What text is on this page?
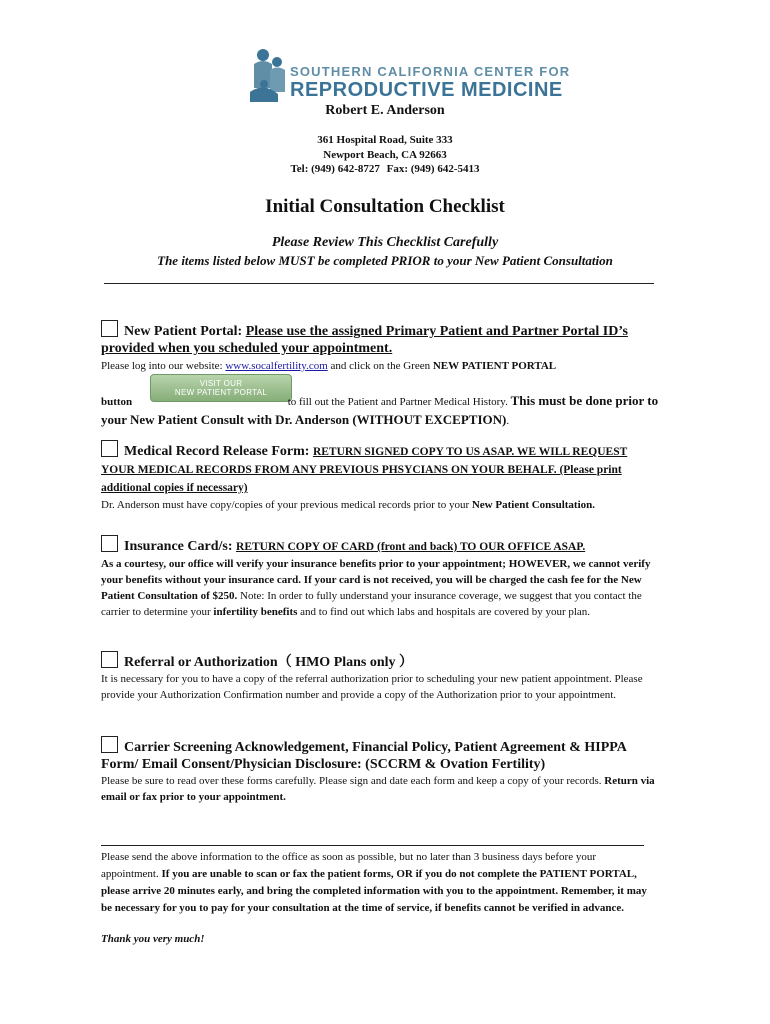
SOUTHERN CALIFORNIA CENTER FOR
REPRODUCTIVE MEDICINE
Robert E. Anderson
361 Hospital Road, Suite 333
Newport Beach, CA 92663
Tel: (949) 642-8727 Fax: (949) 642-5413
Initial Consultation Checklist
Please Review This Checklist Carefully
The items listed below MUST be completed PRIOR to your New Patient Consultation
New Patient Portal: Please use the assigned Primary Patient and Partner Portal ID’s provided when you scheduled your appointment.
Please log into our website: www.socalfertility.com and click on the Green NEW PATIENT PORTAL
VISIT OUR
NEW PATIENT PORTAL
button	to fill out the Patient and Partner Medical History. This must be done prior to your New Patient Consult with Dr. Anderson (WITHOUT EXCEPTION).
Medical Record Release Form: RETURN SIGNED COPY TO US ASAP. WE WILL REQUEST YOUR MEDICAL RECORDS FROM ANY PREVIOUS PHSYCIANS ON YOUR BEHALF. (Please print additional copies if necessary)
Dr. Anderson must have copy/copies of your previous medical records prior to your New Patient Consultation.
Insurance Card/s: RETURN COPY OF CARD (front and back) TO OUR OFFICE ASAP.
As a courtesy, our office will verify your insurance benefits prior to your appointment; HOWEVER, we cannot verify your benefits without your insurance card. If your card is not received, you will be charged the cash fee for the New Patient Consultation of $250. Note: In order to fully understand your insurance coverage, we suggest that you contact the carrier to determine your infertility benefits and to find out which labs and hospitals are covered by your plan.
Referral or Authorization（ HMO Plans only ）
It is necessary for you to have a copy of the referral authorization prior to scheduling your new patient appointment. Please provide your Authorization Confirmation number and provide a copy of the Authorization prior to your appointment.
Carrier Screening Acknowledgement, Financial Policy, Patient Agreement & HIPPA Form/ Email Consent/Physician Disclosure: (SCCRM & Ovation Fertility)
Please be sure to read over these forms carefully. Please sign and date each form and keep a copy of your records. Return via email or fax prior to your appointment.
Please send the above information to the office as soon as possible, but no later than 3 business days before your appointment. If you are unable to scan or fax the patient forms, OR if you do not complete the PATIENT PORTAL, please arrive 20 minutes early, and bring the completed information with you to the appointment. Remember, it may be necessary for you to pay for your consultation at the time of service, if benefits cannot be verified in advance.
Thank you very much!
